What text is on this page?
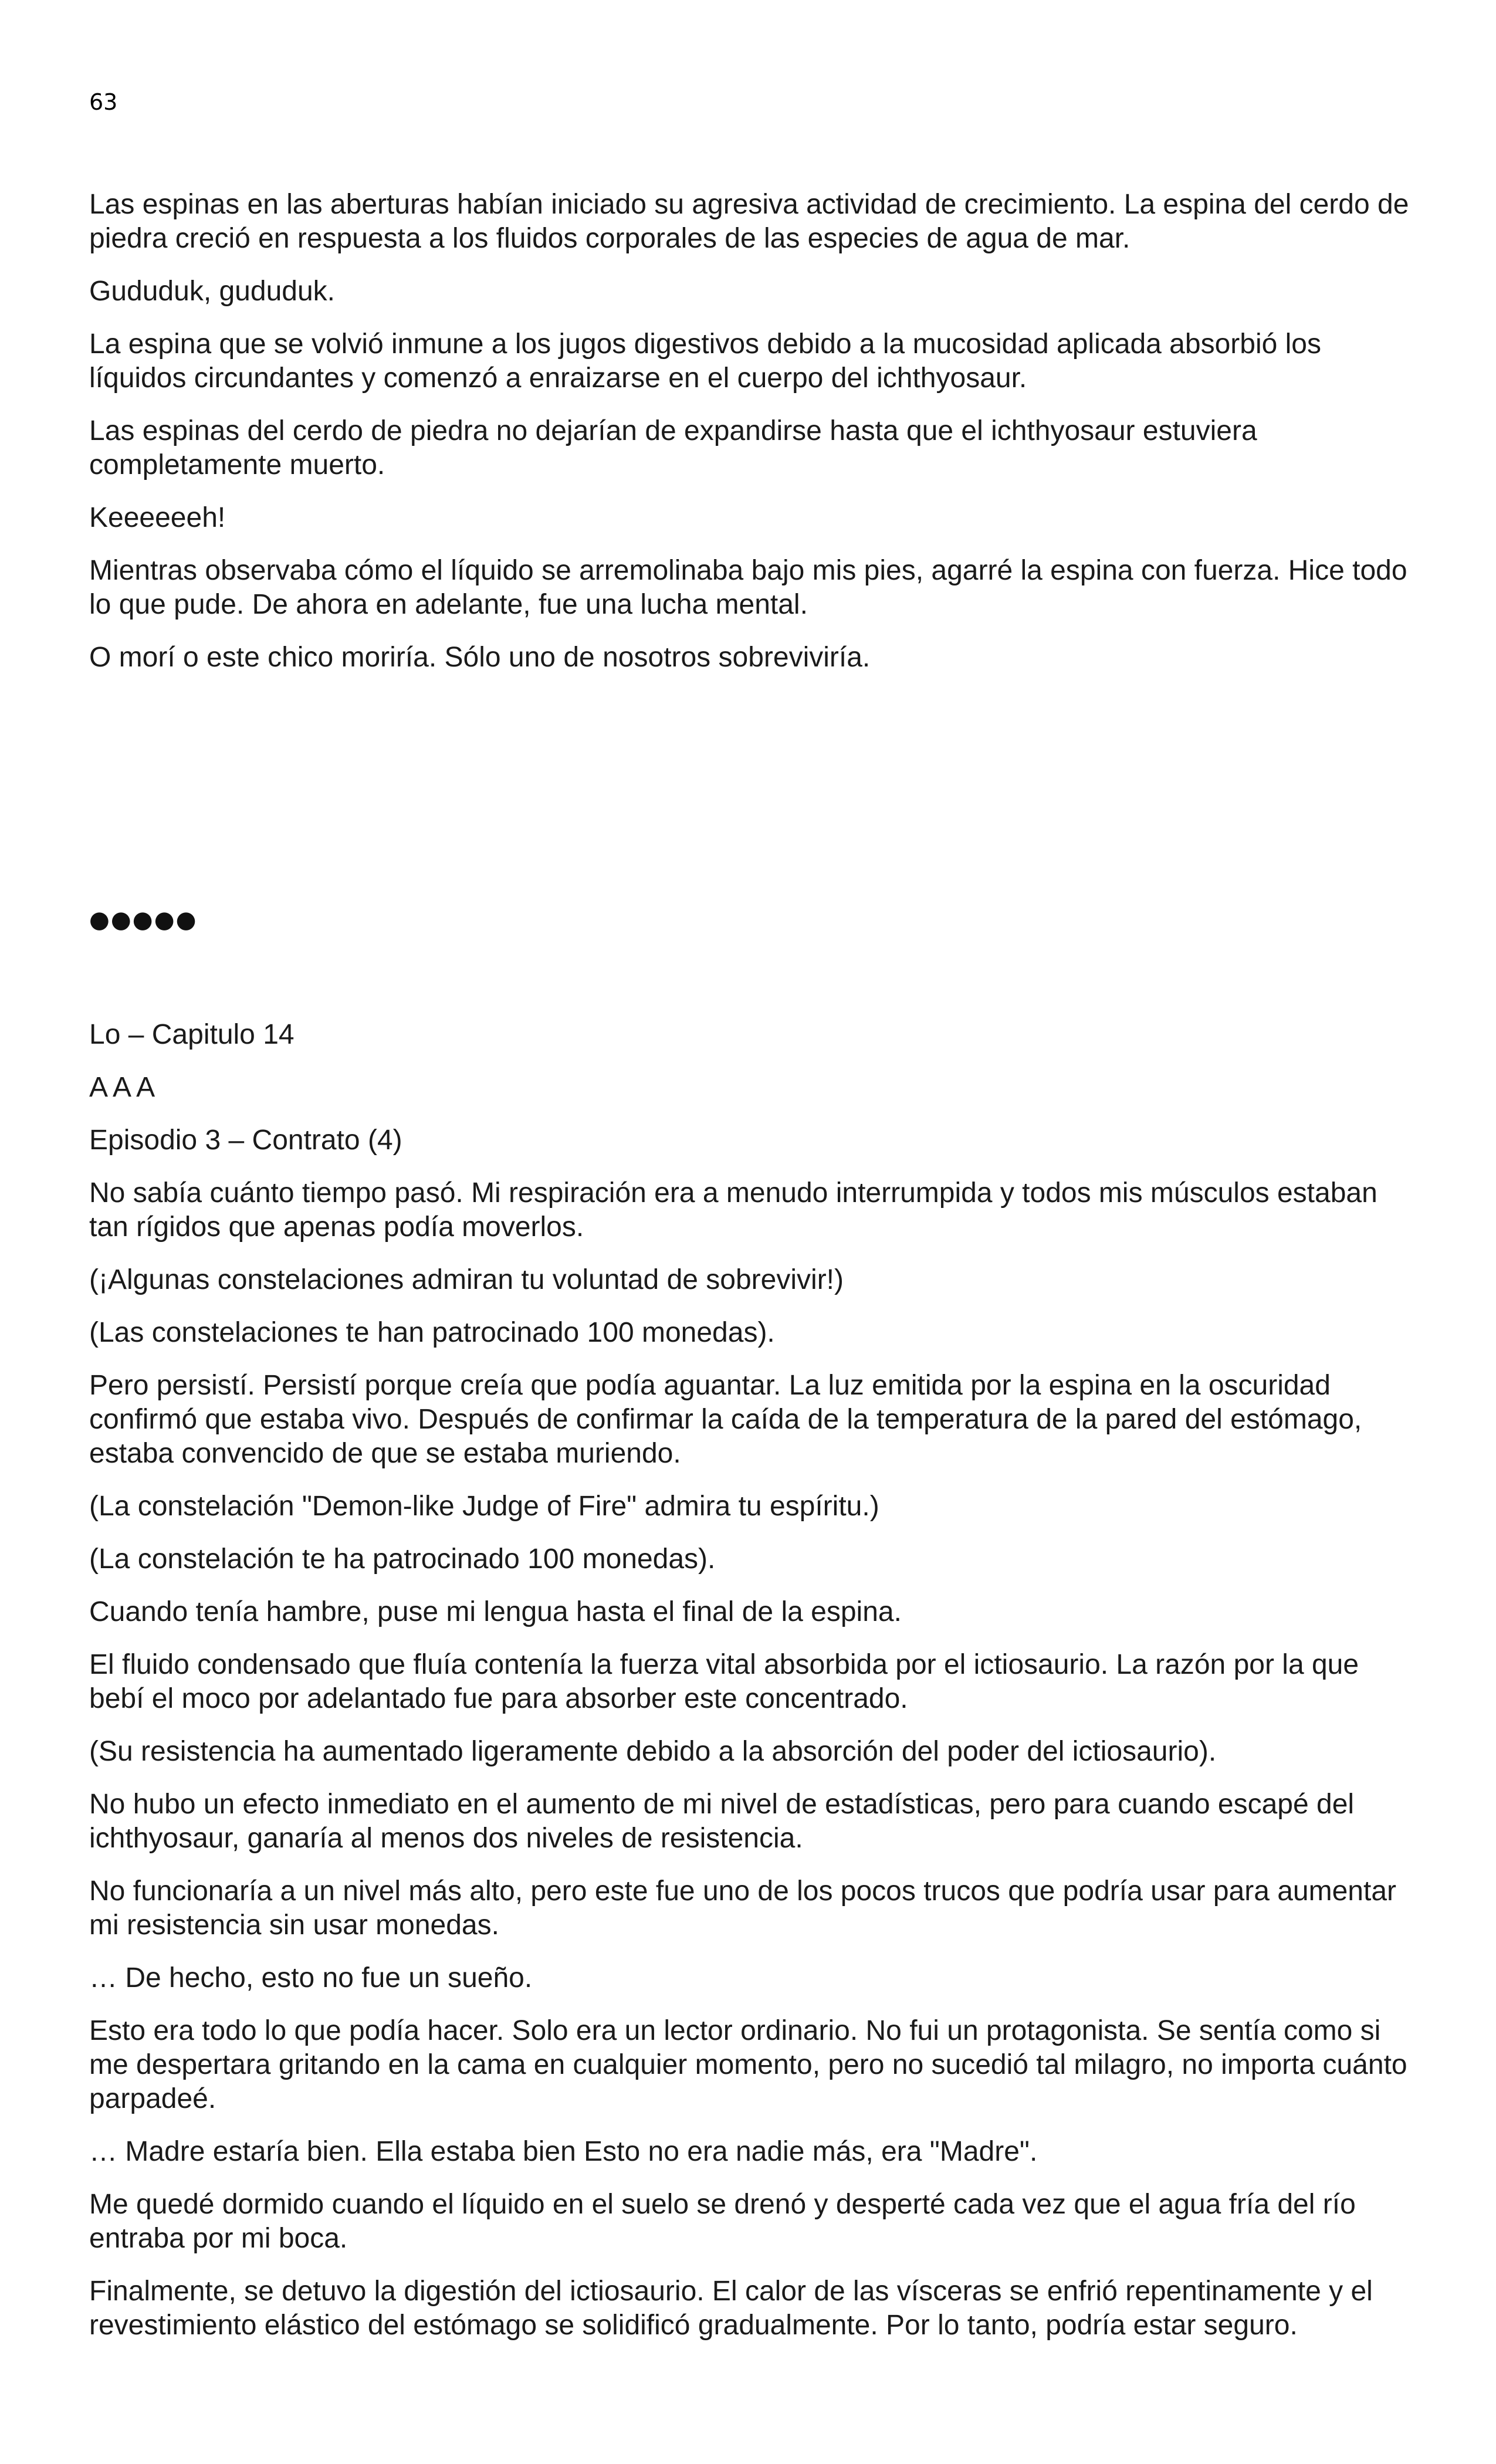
63

Las espinas en las aberturas habían iniciado su agresiva actividad de crecimiento. La espina del cerdo de piedra creció en respuesta a los fluidos corporales de las especies de agua de mar.

Gududuk, gududuk.

La espina que se volvió inmune a los jugos digestivos debido a la mucosidad aplicada absorbió los líquidos circundantes y comenzó a enraizarse en el cuerpo del ichthyosaur.

Las espinas del cerdo de piedra no dejarían de expandirse hasta que el ichthyosaur estuviera completamente muerto.

Keeeeeeh!

Mientras observaba cómo el líquido se arremolinaba bajo mis pies, agarré la espina con fuerza. Hice todo lo que pude. De ahora en adelante, fue una lucha mental.

O morí o este chico moriría. Sólo uno de nosotros sobreviviría.

●●●●●

Lo – Capitulo 14

A A A

Episodio 3 – Contrato (4)

No sabía cuánto tiempo pasó. Mi respiración era a menudo interrumpida y todos mis músculos estaban tan rígidos que apenas podía moverlos.

(¡Algunas constelaciones admiran tu voluntad de sobrevivir!)

(Las constelaciones te han patrocinado 100 monedas).

Pero persistí. Persistí porque creía que podía aguantar. La luz emitida por la espina en la oscuridad confirmó que estaba vivo. Después de confirmar la caída de la temperatura de la pared del estómago, estaba convencido de que se estaba muriendo.

(La constelación "Demon-like Judge of Fire" admira tu espíritu.)

(La constelación te ha patrocinado 100 monedas).

Cuando tenía hambre, puse mi lengua hasta el final de la espina.

El fluido condensado que fluía contenía la fuerza vital absorbida por el ictiosaurio. La razón por la que bebí el moco por adelantado fue para absorber este concentrado.

(Su resistencia ha aumentado ligeramente debido a la absorción del poder del ictiosaurio).

No hubo un efecto inmediato en el aumento de mi nivel de estadísticas, pero para cuando escapé del ichthyosaur, ganaría al menos dos niveles de resistencia.

No funcionaría a un nivel más alto, pero este fue uno de los pocos trucos que podría usar para aumentar mi resistencia sin usar monedas.

… De hecho, esto no fue un sueño.

Esto era todo lo que podía hacer. Solo era un lector ordinario. No fui un protagonista. Se sentía como si me despertara gritando en la cama en cualquier momento, pero no sucedió tal milagro, no importa cuánto parpadeé.

… Madre estaría bien. Ella estaba bien Esto no era nadie más, era "Madre".

Me quedé dormido cuando el líquido en el suelo se drenó y desperté cada vez que el agua fría del río entraba por mi boca.

Finalmente, se detuvo la digestión del ictiosaurio. El calor de las vísceras se enfrió repentinamente y el revestimiento elástico del estómago se solidificó gradualmente. Por lo tanto, podría estar seguro.
